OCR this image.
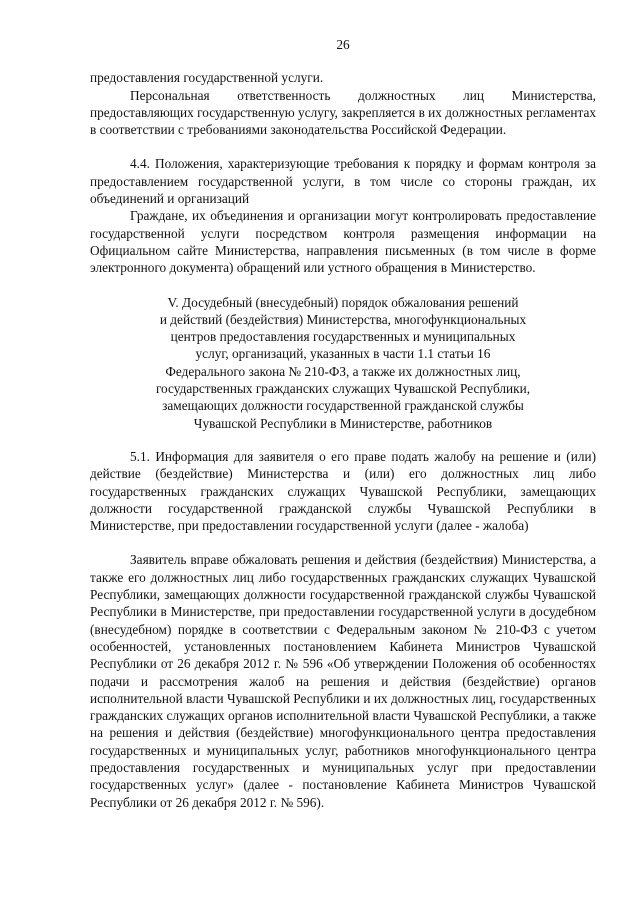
26

предоставления государственной услуги.

Персональная ответственность должностных лиц Министерства, предоставляющих государственную услугу, закрепляется в их должностных регламентах в соответствии с требованиями законодательства Российской Федерации.

4.4. Положения, характеризующие требования к порядку и формам контроля за предоставлением государственной услуги, в том числе со стороны граждан, их объединений и организаций

Граждане, их объединения и организации могут контролировать предоставление государственной услуги посредством контроля размещения информации на Официальном сайте Министерства, направления письменных (в том числе в форме электронного документа) обращений или устного обращения в Министерство.

V. Досудебный (внесудебный) порядок обжалования решений
и действий (бездействия) Министерства, многофункциональных
центров предоставления государственных и муниципальных
услуг, организаций, указанных в части 1.1 статьи 16
Федерального закона № 210-ФЗ, а также их должностных лиц,
государственных гражданских служащих Чувашской Республики,
замещающих должности государственной гражданской службы
Чувашской Республики в Министерстве, работников

5.1. Информация для заявителя о его праве подать жалобу на решение и (или) действие (бездействие) Министерства и (или) его должностных лиц либо государственных гражданских служащих Чувашской Республики, замещающих должности государственной гражданской службы Чувашской Республики в Министерстве, при предоставлении государственной услуги (далее - жалоба)

Заявитель вправе обжаловать решения и действия (бездействия) Министерства, а также его должностных лиц либо государственных гражданских служащих Чувашской Республики, замещающих должности государственной гражданской службы Чувашской Республики в Министерстве, при предоставлении государственной услуги в досудебном (внесудебном) порядке в соответствии с Федеральным законом № 210-ФЗ с учетом особенностей, установленных постановлением Кабинета Министров Чувашской Республики от 26 декабря 2012 г. № 596 «Об утверждении Положения об особенностях подачи и рассмотрения жалоб на решения и действия (бездействие) органов исполнительной власти Чувашской Республики и их должностных лиц, государственных гражданских служащих органов исполнительной власти Чувашской Республики, а также на решения и действия (бездействие) многофункционального центра предоставления государственных и муниципальных услуг, работников многофункционального центра предоставления государственных и муниципальных услуг при предоставлении государственных услуг» (далее - постановление Кабинета Министров Чувашской Республики от 26 декабря 2012 г. № 596).
